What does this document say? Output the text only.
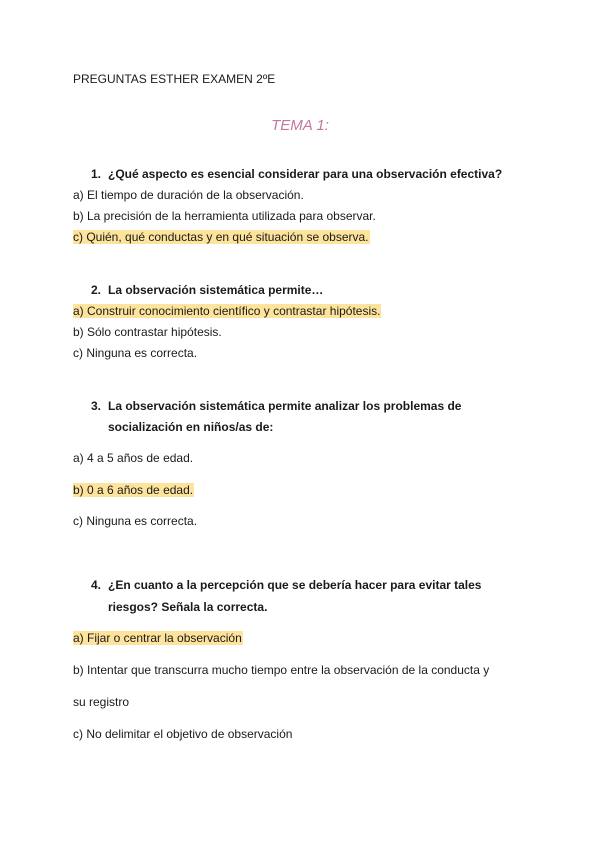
PREGUNTAS ESTHER EXAMEN 2ºE
TEMA 1:
1. ¿Qué aspecto es esencial considerar para una observación efectiva?
a) El tiempo de duración de la observación.
b) La precisión de la herramienta utilizada para observar.
c) Quién, qué conductas y en qué situación se observa.
2. La observación sistemática permite…
a) Construir conocimiento científico y contrastar hipótesis.
b) Sólo contrastar hipótesis.
c) Ninguna es correcta.
3. La observación sistemática permite analizar los problemas de
socialización en niños/as de:
a) 4 a 5 años de edad.
b) 0 a 6 años de edad.
c) Ninguna es correcta.
4. ¿En cuanto a la percepción que se debería hacer para evitar tales
riesgos? Señala la correcta.
a) Fijar o centrar la observación
b) Intentar que transcurra mucho tiempo entre la observación de la conducta y
su registro
c) No delimitar el objetivo de observación
